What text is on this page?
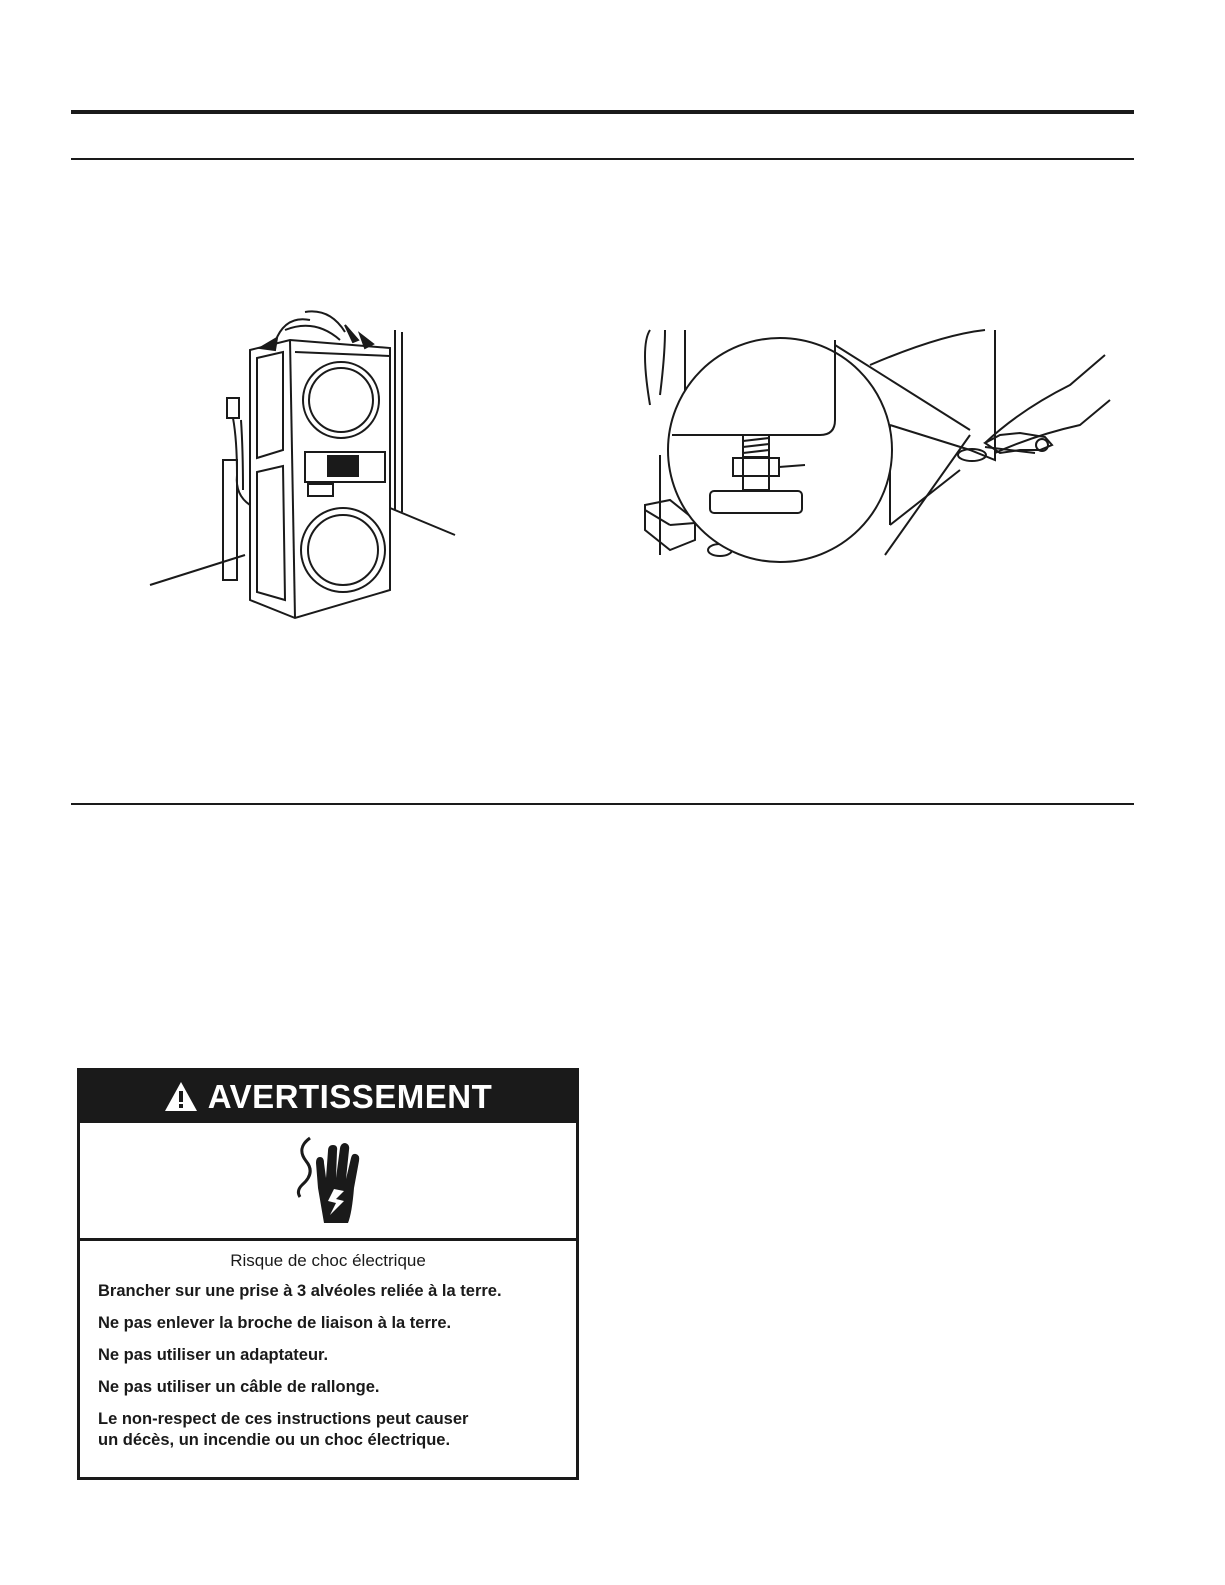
AVERTISSEMENT
Risque de choc électrique

Brancher sur une prise à 3 alvéoles reliée à la terre.

Ne pas enlever la broche de liaison à la terre.

Ne pas utiliser un adaptateur.

Ne pas utiliser un câble de rallonge.

Le non-respect de ces instructions peut causer
un décès, un incendie ou un choc électrique.
